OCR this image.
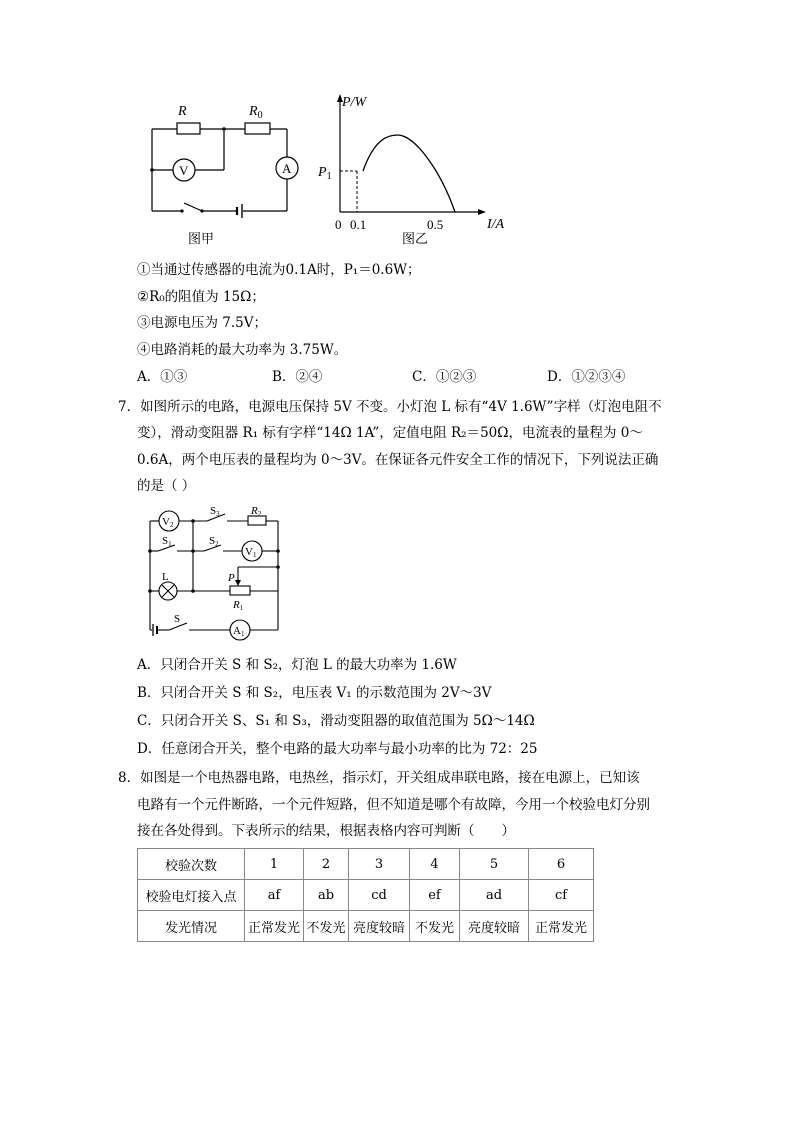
R	$R_0$
A
V
图甲
P/W
I/A
$P_1$
0 0.1	0.5
图乙
①当通过传感器的电流为0.1A时，P₁＝0.6W；
②R₀的阻值为 15Ω；
③电源电压为 7.5V；
④电路消耗的最大功率为 3.75W。
A．①③	B．②④	C．①②③	D．①②③④
7．如图所示的电路，电源电压保持 5V 不变。小灯泡 L 标有“4V 1.6W”字样（灯泡电阻不
变），滑动变阻器 R₁ 标有字样“14Ω 1A”，定值电阻 R₂＝50Ω，电流表的量程为 0～
0.6A，两个电压表的量程均为 0～3V。在保证各元件安全工作的情况下，下列说法正确
的是（ ）
V2
V1
A1
S3
S1	S2
R2
R1
L	P
S
A．只闭合开关 S 和 S₂，灯泡 L 的最大功率为 1.6W
B．只闭合开关 S 和 S₂，电压表 V₁ 的示数范围为 2V～3V
C．只闭合开关 S、S₁ 和 S₃，滑动变阻器的取值范围为 5Ω～14Ω
D．任意闭合开关，整个电路的最大功率与最小功率的比为 72：25
8．如图是一个电热器电路，电热丝，指示灯，开关组成串联电路，接在电源上，已知该
电路有一个元件断路，一个元件短路，但不知道是哪个有故障，今用一个校验电灯分别
接在各处得到。下表所示的结果，根据表格内容可判断（　　）
校验次数	1	2	3	4	5	6
校验电灯接入点	af	ab	cd	ef	ad	cf
发光情况	正常发光	不发光	亮度较暗	不发光	亮度较暗	正常发光
